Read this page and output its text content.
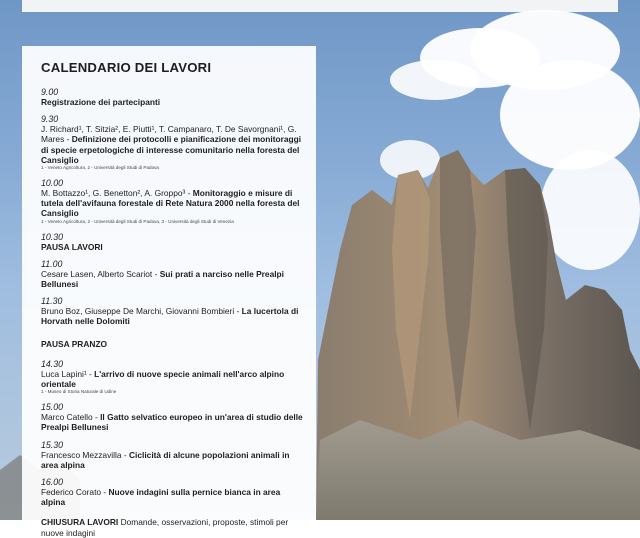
CALENDARIO DEI LAVORI
9.00
Registrazione dei partecipanti
9.30
J. Richard¹, T. Sitzia², E. Piutti¹, T. Campanaro, T. De Savorgnani¹, G. Mares - Definizione dei protocolli e pianificazione dei monitoraggi di specie erpetologiche di interesse comunitario nella foresta del Cansiglio
1 - Veneto Agricoltura, 2 - Università degli Studi di Padova
10.00
M. Bottazzo¹, G. Benetton², A. Groppo³ - Monitoraggio e misure di tutela dell'avifauna forestale di Rete Natura 2000 nella foresta del Cansiglio
1 - Veneto Agricoltura, 2 - Università degli Studi di Padova, 3 - Università degli Studi di Venezia
10.30
PAUSA LAVORI
11.00
Cesare Lasen, Alberto Scariot - Sui prati a narciso nelle Prealpi Bellunesi
11.30
Bruno Boz, Giuseppe De Marchi, Giovanni Bombieri - La lucertola di Horvath nelle Dolomiti
PAUSA PRANZO
14.30
Luca Lapini¹ - L'arrivo di nuove specie animali nell'arco alpino orientale
1 - Museo di Storia Naturale di Udine
15.00
Marco Catello - Il Gatto selvatico europeo in un'area di studio delle Prealpi Bellunesi
15.30
Francesco Mezzavilla - Ciclicità di alcune popolazioni animali in area alpina
16.00
Federico Corato - Nuove indagini sulla pernice bianca in area alpina
CHIUSURA LAVORI Domande, osservazioni, proposte, stimoli per nuove indagini
